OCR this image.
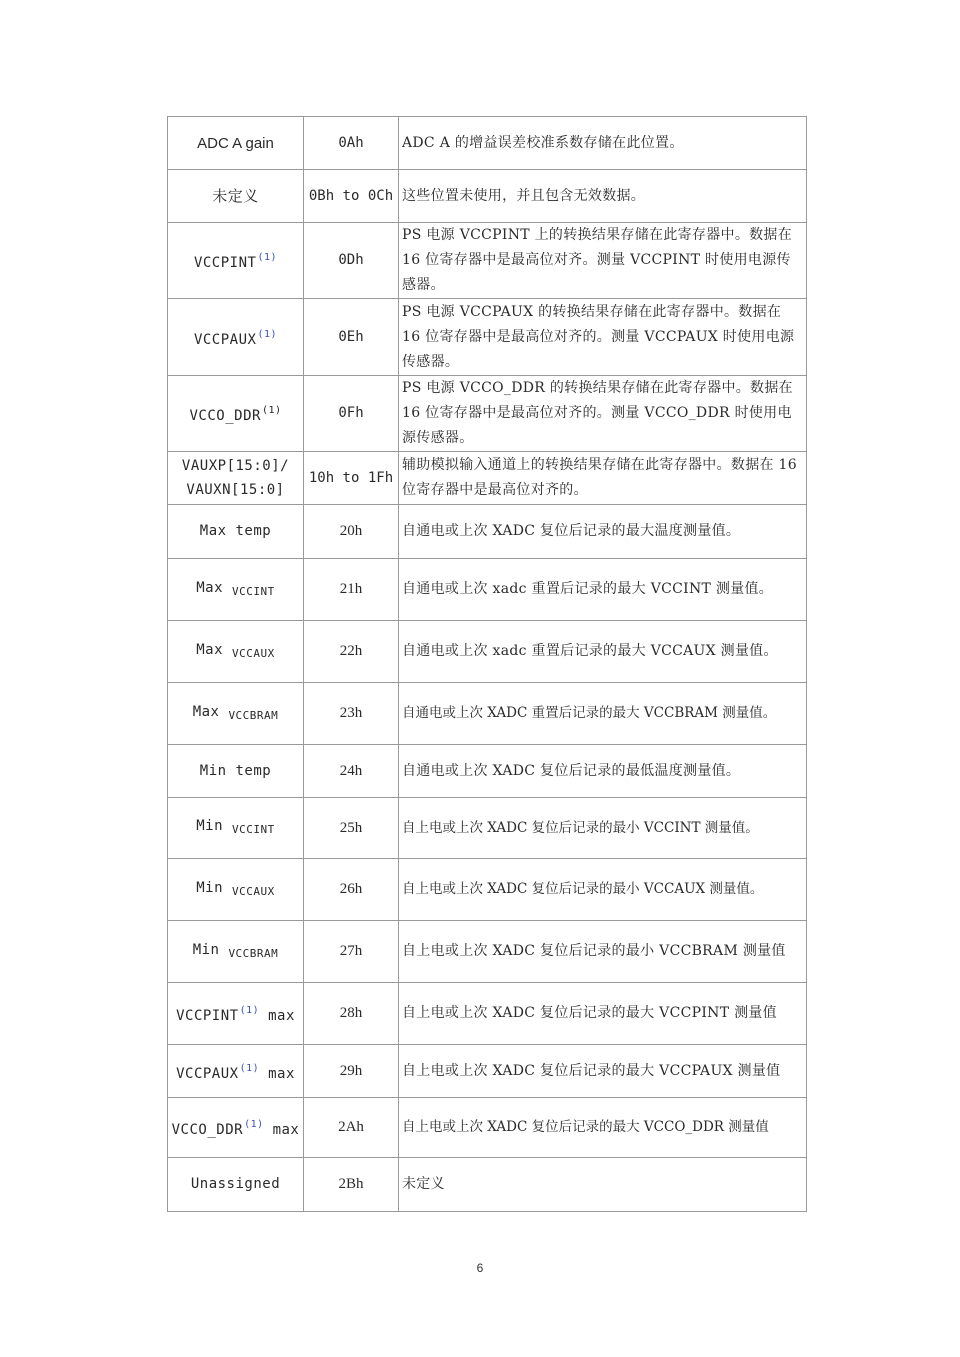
ADC A gain	0Ah	ADC A 的增益误差校准系数存储在此位置。
未定义	0Bh to 0Ch	这些位置未使用，并且包含无效数据。
VCCPINT$^{(1)}$	0Dh	PS 电源 VCCPINT 上的转换结果存储在此寄存器中。数据在 16 位寄存器中是最高位对齐。测量 VCCPINT 时使用电源传感器。
VCCPAUX$^{(1)}$	0Eh	PS 电源 VCCPAUX 的转换结果存储在此寄存器中。数据在 16 位寄存器中是最高位对齐的。测量 VCCPAUX 时使用电源传感器。
VCCO_DDR$^{(1)}$	0Fh	PS 电源 VCCO_DDR 的转换结果存储在此寄存器中。数据在 16 位寄存器中是最高位对齐的。测量 VCCO_DDR 时使用电源传感器。
VAUXP[15:0]/ VAUXN[15:0]	10h to 1Fh	辅助模拟输入通道上的转换结果存储在此寄存器中。数据在 16 位寄存器中是最高位对齐的。
Max temp	20h	自通电或上次 XADC 复位后记录的最大温度测量值。
Max $_{VCCINT}$	21h	自通电或上次 xadc 重置后记录的最大 VCCINT 测量值。
Max $_{VCCAUX}$	22h	自通电或上次 xadc 重置后记录的最大 VCCAUX 测量值。
Max $_{VCCBRAM}$	23h	自通电或上次 XADC 重置后记录的最大 VCCBRAM 测量值。
Min temp	24h	自通电或上次 XADC 复位后记录的最低温度测量值。
Min $_{VCCINT}$	25h	自上电或上次 XADC 复位后记录的最小 VCCINT 测量值。
Min $_{VCCAUX}$	26h	自上电或上次 XADC 复位后记录的最小 VCCAUX 测量值。
Min $_{VCCBRAM}$	27h	自上电或上次 XADC 复位后记录的最小 VCCBRAM 测量值
VCCPINT$^{(1)}$ max	28h	自上电或上次 XADC 复位后记录的最大 VCCPINT 测量值
VCCPAUX$^{(1)}$ max	29h	自上电或上次 XADC 复位后记录的最大 VCCPAUX 测量值
VCCO_DDR$^{(1)}$ max	2Ah	自上电或上次 XADC 复位后记录的最大 VCCO_DDR 测量值
Unassigned	2Bh	未定义
6
